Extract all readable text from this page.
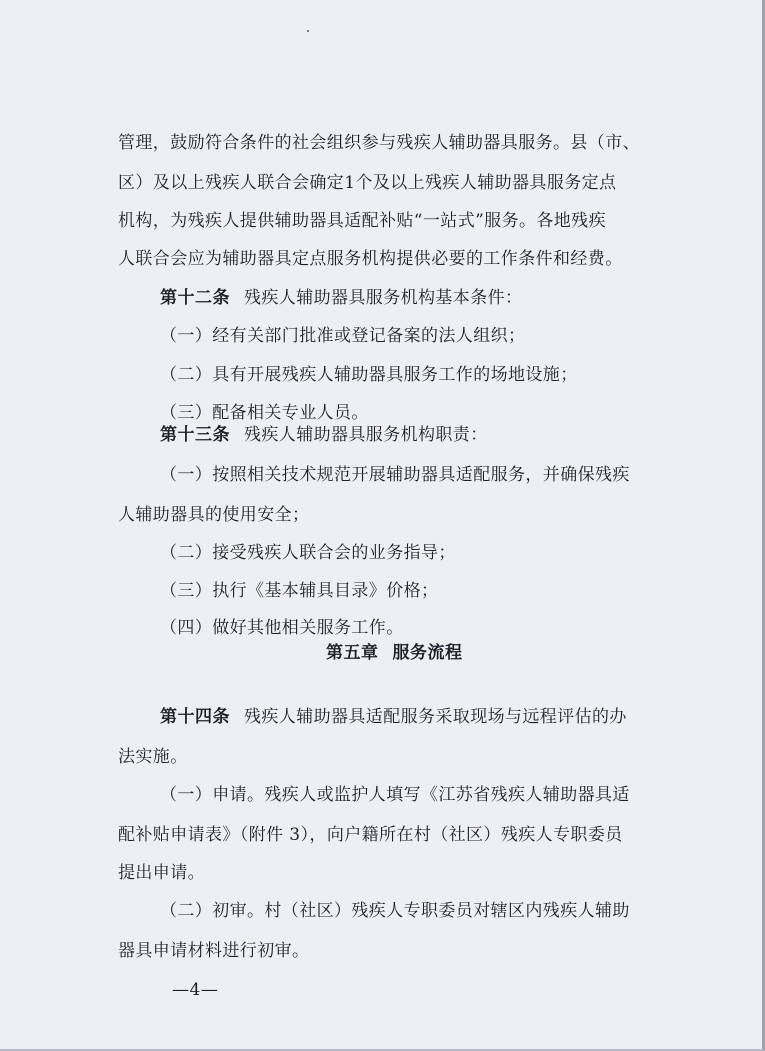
管理，鼓励符合条件的社会组织参与残疾人辅助器具服务。县（市、
区）及以上残疾人联合会确定1个及以上残疾人辅助器具服务定点
机构，为残疾人提供辅助器具适配补贴“一站式”服务。各地残疾
人联合会应为辅助器具定点服务机构提供必要的工作条件和经费。
第十二条 残疾人辅助器具服务机构基本条件：
（一）经有关部门批准或登记备案的法人组织；
（二）具有开展残疾人辅助器具服务工作的场地设施；
（三）配备相关专业人员。
第十三条 残疾人辅助器具服务机构职责：
（一）按照相关技术规范开展辅助器具适配服务，并确保残疾
人辅助器具的使用安全；
（二）接受残疾人联合会的业务指导；
（三）执行《基本辅具目录》价格；
（四）做好其他相关服务工作。
第五章 服务流程
第十四条 残疾人辅助器具适配服务采取现场与远程评估的办
法实施。
（一）申请。残疾人或监护人填写《江苏省残疾人辅助器具适
配补贴申请表》（附件 3），向户籍所在村（社区）残疾人专职委员
提出申请。
—4—
（二）初审。村（社区）残疾人专职委员对辖区内残疾人辅助
器具申请材料进行初审。
